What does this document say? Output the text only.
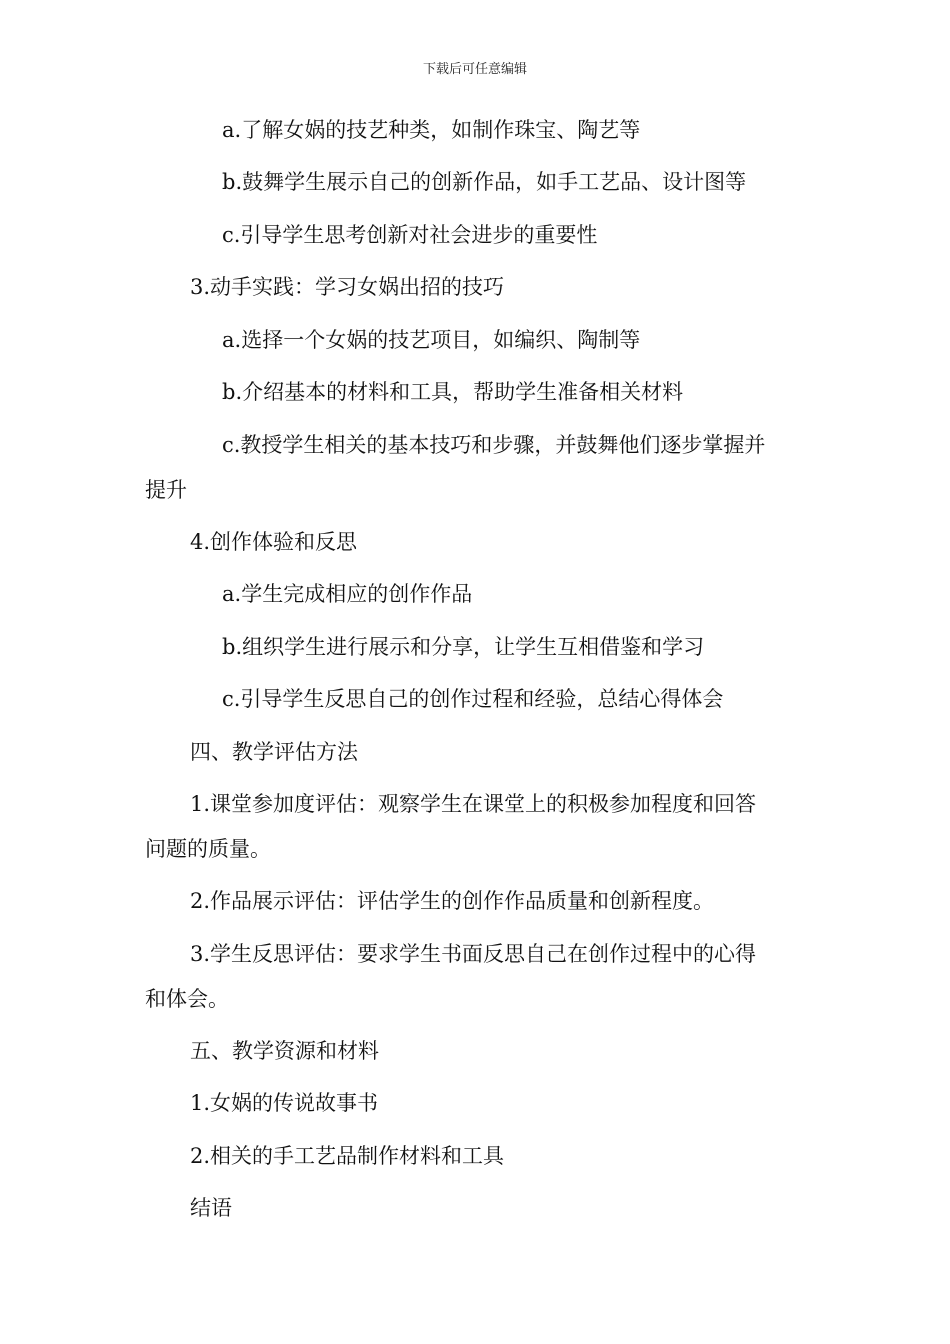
下载后可任意编辑
a.了解女娲的技艺种类，如制作珠宝、陶艺等
b.鼓舞学生展示自己的创新作品，如手工艺品、设计图等
c.引导学生思考创新对社会进步的重要性
3.动手实践：学习女娲出招的技巧
a.选择一个女娲的技艺项目，如编织、陶制等
b.介绍基本的材料和工具，帮助学生准备相关材料
c.教授学生相关的基本技巧和步骤，并鼓舞他们逐步掌握并
提升
4.创作体验和反思
a.学生完成相应的创作作品
b.组织学生进行展示和分享，让学生互相借鉴和学习
c.引导学生反思自己的创作过程和经验，总结心得体会
四、教学评估方法
1.课堂参加度评估：观察学生在课堂上的积极参加程度和回答
问题的质量。
2.作品展示评估：评估学生的创作作品质量和创新程度。
3.学生反思评估：要求学生书面反思自己在创作过程中的心得
和体会。
五、教学资源和材料
1.女娲的传说故事书
2.相关的手工艺品制作材料和工具
结语
